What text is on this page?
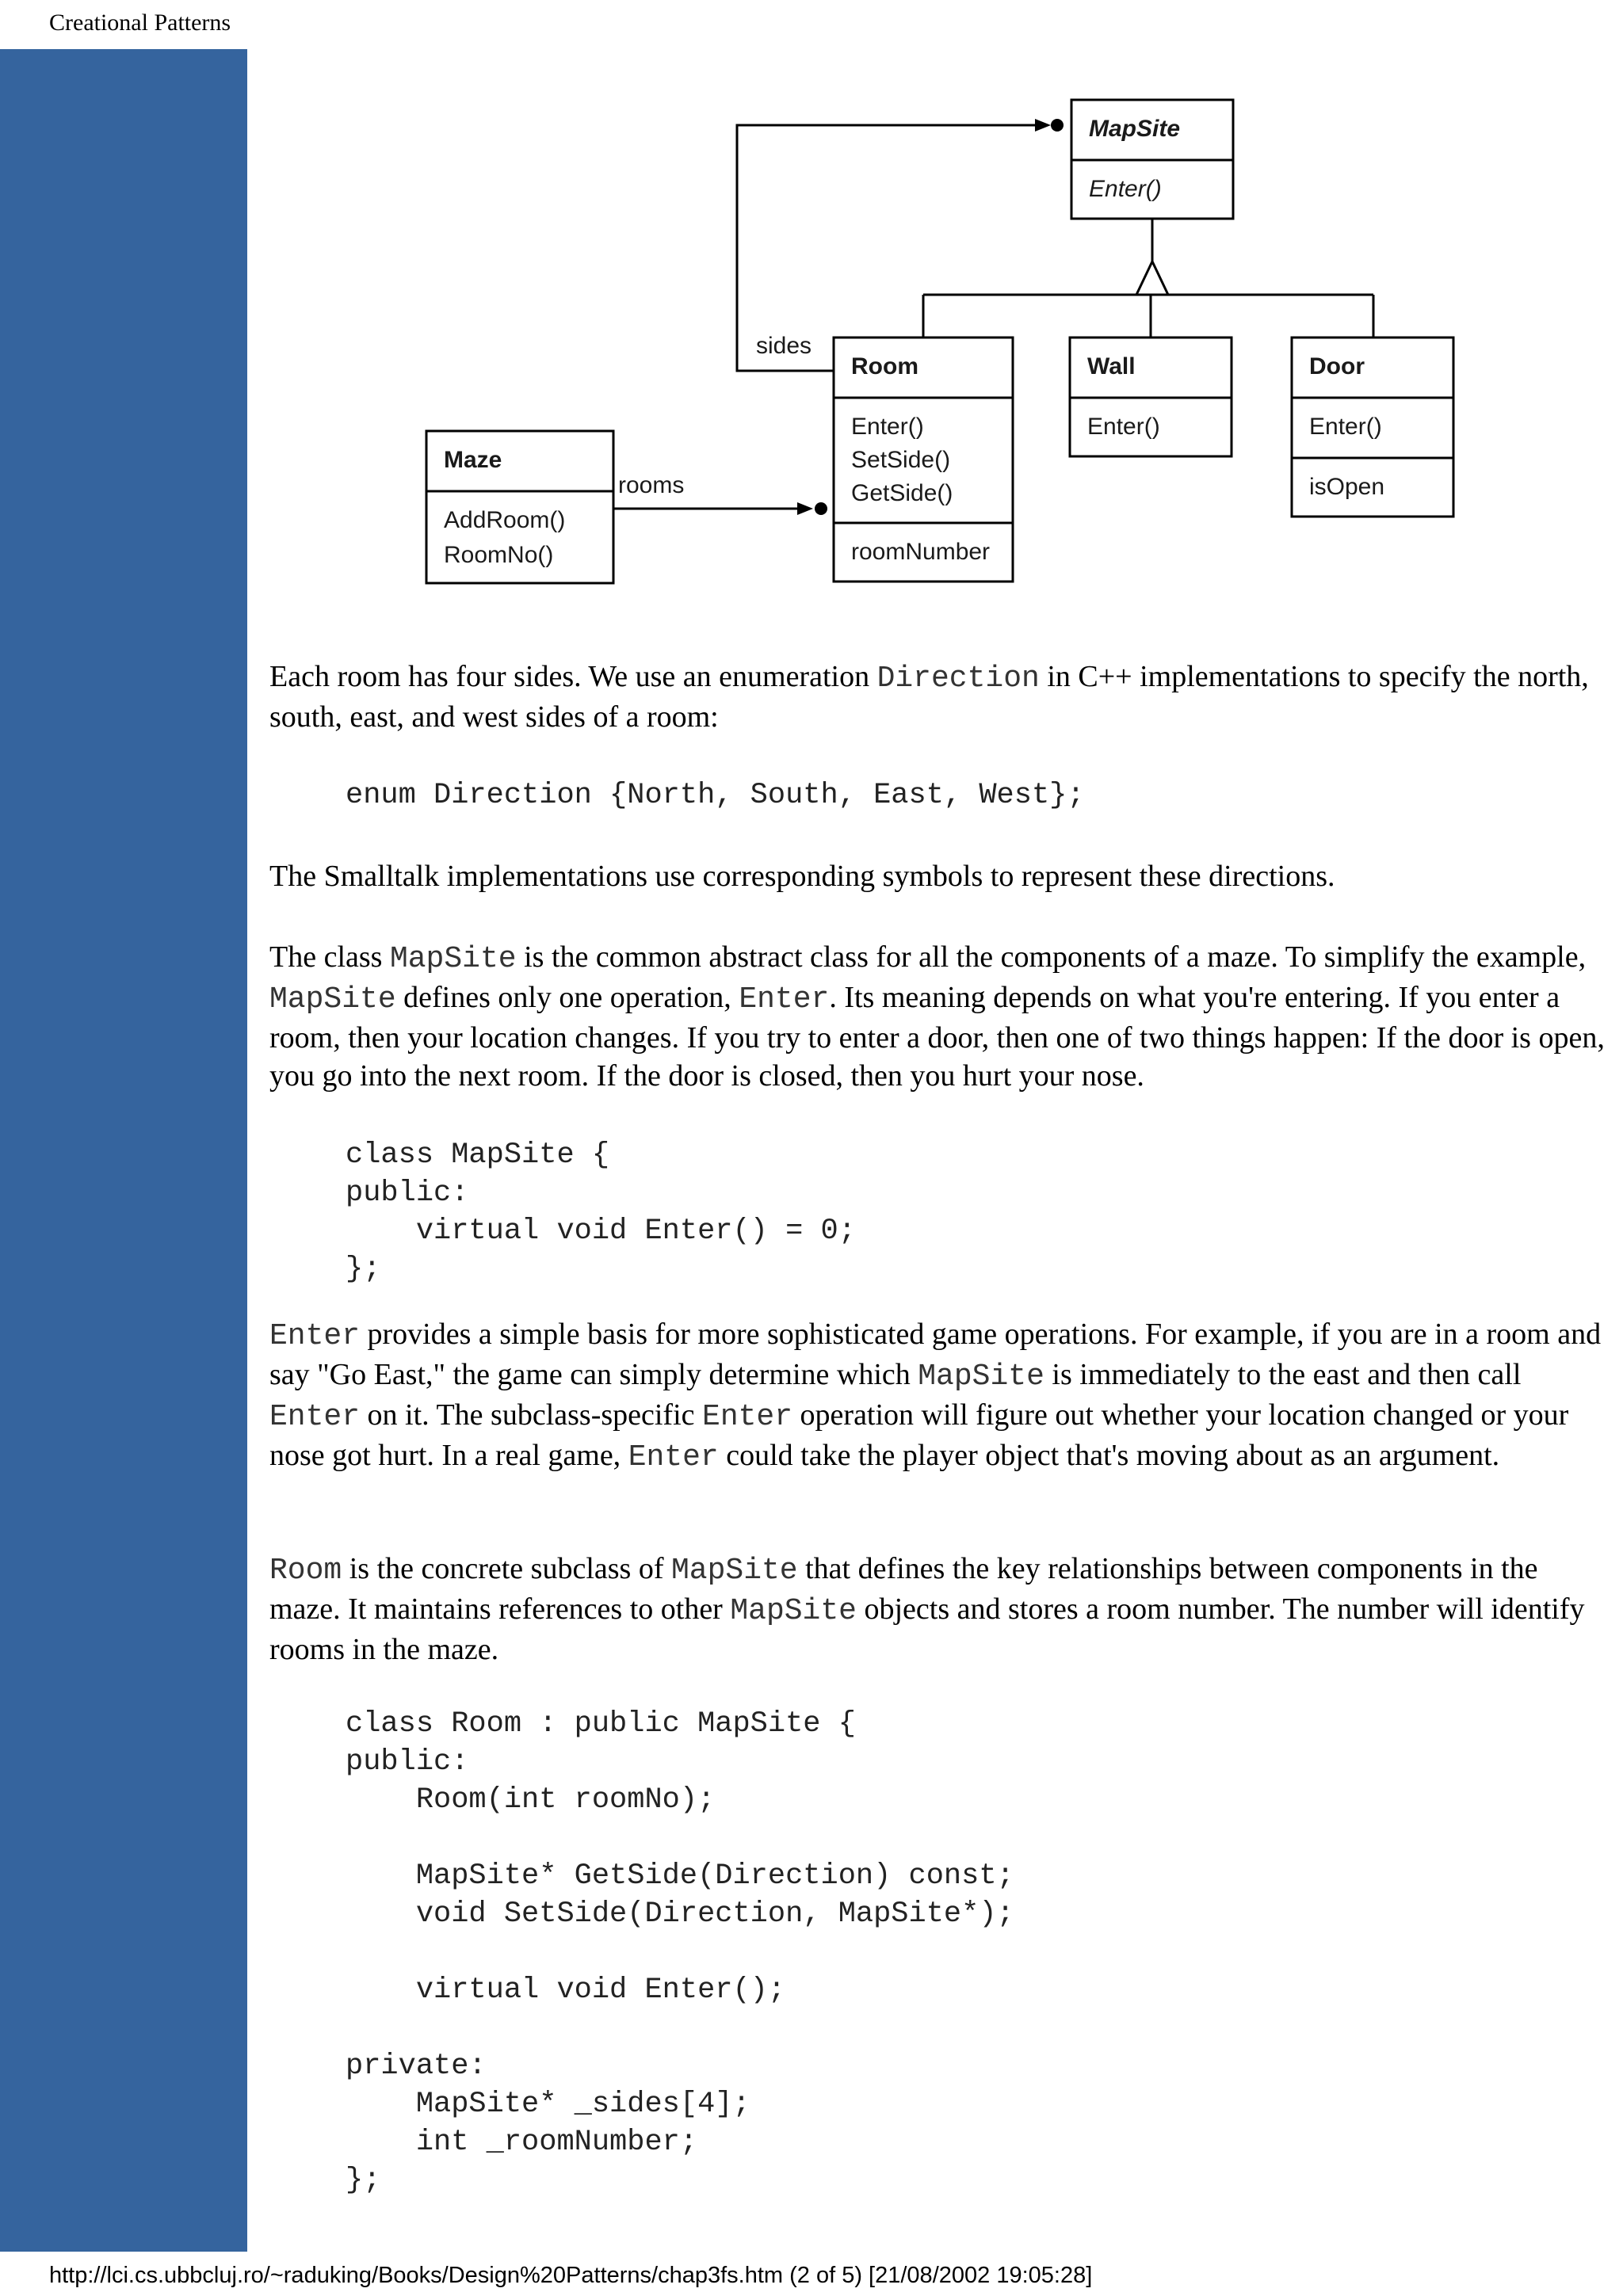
Creational Patterns
MapSite
Enter()
Room
Enter()
SetSide()
GetSide()
roomNumber
Wall
Enter()
Door
Enter()
isOpen
Maze
AddRoom()
RoomNo()
sides
rooms

Each room has four sides. We use an enumeration Direction in C++ implementations to specify the north, south, east, and west sides of a room:

enum Direction {North, South, East, West};

The Smalltalk implementations use corresponding symbols to represent these directions.

The class MapSite is the common abstract class for all the components of a maze. To simplify the example, MapSite defines only one operation, Enter. Its meaning depends on what you're entering. If you enter a room, then your location changes. If you try to enter a door, then one of two things happen: If the door is open, you go into the next room. If the door is closed, then you hurt your nose.

class MapSite {
public:
virtual void Enter() = 0;
};

Enter provides a simple basis for more sophisticated game operations. For example, if you are in a room and say "Go East," the game can simply determine which MapSite is immediately to the east and then call Enter on it. The subclass-specific Enter operation will figure out whether your location changed or your nose got hurt. In a real game, Enter could take the player object that's moving about as an argument.

Room is the concrete subclass of MapSite that defines the key relationships between components in the maze. It maintains references to other MapSite objects and stores a room number. The number will identify rooms in the maze.

class Room : public MapSite {
public:
Room(int roomNo);

MapSite* GetSide(Direction) const;
void SetSide(Direction, MapSite*);

virtual void Enter();

private:
MapSite* _sides[4];
int _roomNumber;
};
http://lci.cs.ubbcluj.ro/~raduking/Books/Design%20Patterns/chap3fs.htm (2 of 5) [21/08/2002 19:05:28]
